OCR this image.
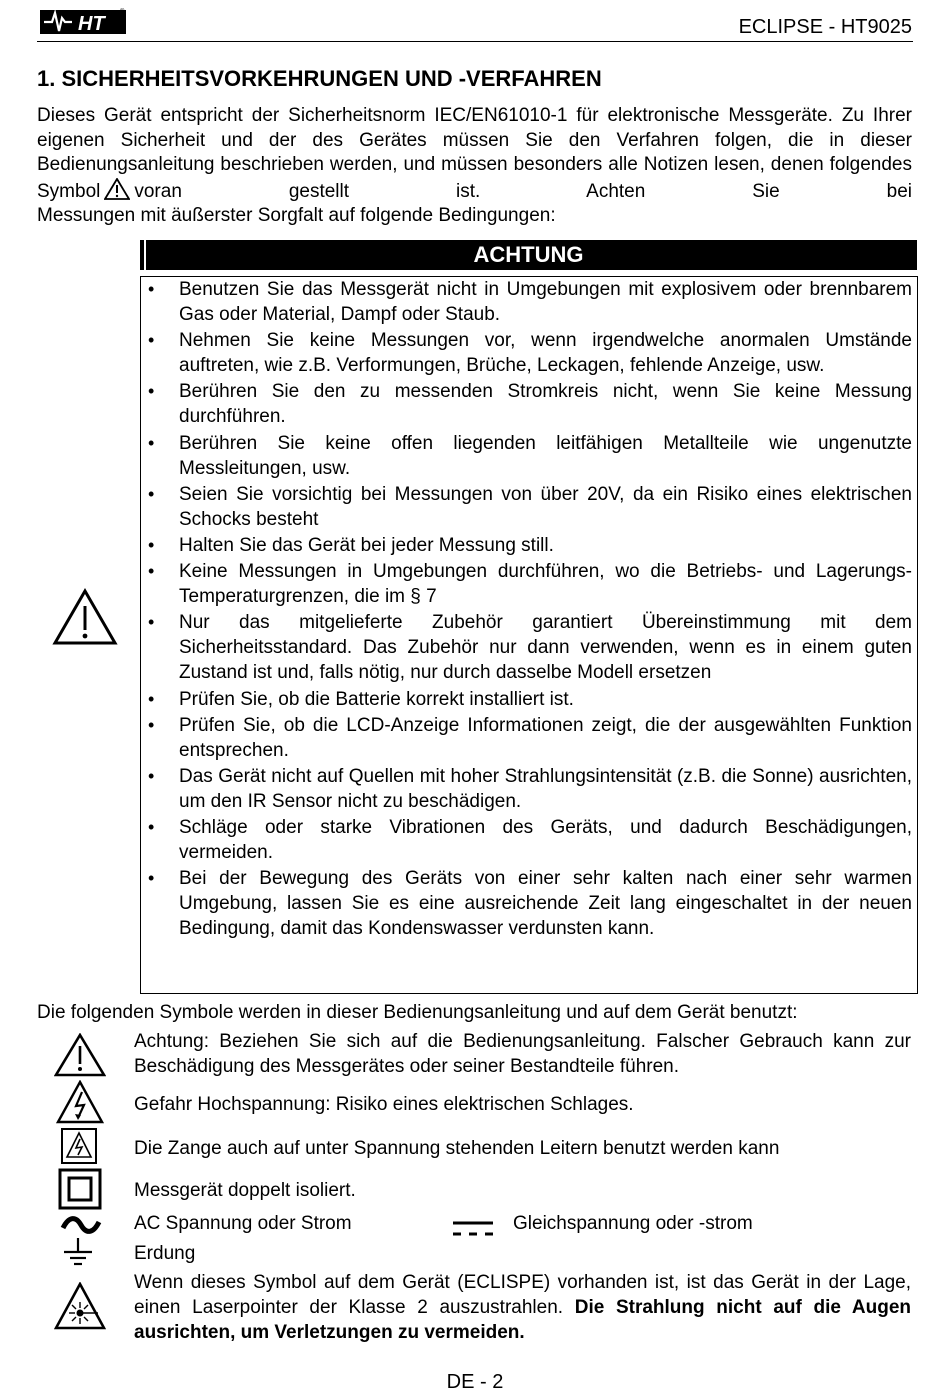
HT
®
ECLIPSE - HT9025
1. SICHERHEITSVORKEHRUNGEN UND -VERFAHREN
Dieses Gerät entspricht der Sicherheitsnorm IEC/EN61010-1 für elektronische Messgeräte. Zu Ihrer eigenen Sicherheit und der des Gerätes müssen Sie den Verfahren folgen, die in dieser Bedienungsanleitung beschrieben werden, und müssen besonders alle Notizen lesen, denen folgendes Symbol voran gestellt ist. Achten Sie bei
Messungen mit äußerster Sorgfalt auf folgende Bedingungen:
ACHTUNG
• Benutzen Sie das Messgerät nicht in Umgebungen mit explosivem oder brennbarem Gas oder Material, Dampf oder Staub.
• Nehmen Sie keine Messungen vor, wenn irgendwelche anormalen Umstände auftreten, wie z.B. Verformungen, Brüche, Leckagen, fehlende Anzeige, usw.
• Berühren Sie den zu messenden Stromkreis nicht, wenn Sie keine Messung durchführen.
• Berühren Sie keine offen liegenden leitfähigen Metallteile wie ungenutzte Messleitungen, usw.
• Seien Sie vorsichtig bei Messungen von über 20V, da ein Risiko eines elektrischen Schocks besteht
• Halten Sie das Gerät bei jeder Messung still.
• Keine Messungen in Umgebungen durchführen, wo die Betriebs- und Lagerungs-Temperaturgrenzen, die im § 7
• Nur das mitgelieferte Zubehör garantiert Übereinstimmung mit dem Sicherheitsstandard. Das Zubehör nur dann verwenden, wenn es in einem guten Zustand ist und, falls nötig, nur durch dasselbe Modell ersetzen
• Prüfen Sie, ob die Batterie korrekt installiert ist.
• Prüfen Sie, ob die LCD-Anzeige Informationen zeigt, die der ausgewählten Funktion entsprechen.
• Das Gerät nicht auf Quellen mit hoher Strahlungsintensität (z.B. die Sonne) ausrichten, um den IR Sensor nicht zu beschädigen.
• Schläge oder starke Vibrationen des Geräts, und dadurch Beschädigungen, vermeiden.
• Bei der Bewegung des Geräts von einer sehr kalten nach einer sehr warmen Umgebung, lassen Sie es eine ausreichende Zeit lang eingeschaltet in der neuen Bedingung, damit das Kondenswasser verdunsten kann.
Die folgenden Symbole werden in dieser Bedienungsanleitung und auf dem Gerät benutzt:
Achtung: Beziehen Sie sich auf die Bedienungsanleitung. Falscher Gebrauch kann zur Beschädigung des Messgerätes oder seiner Bestandteile führen.
Gefahr Hochspannung: Risiko eines elektrischen Schlages.
Die Zange auch auf unter Spannung stehenden Leitern benutzt werden kann
Messgerät doppelt isoliert.
AC Spannung oder Strom	Gleichspannung oder -strom
Erdung
Wenn dieses Symbol auf dem Gerät (ECLISPE) vorhanden ist, ist das Gerät in der Lage, einen Laserpointer der Klasse 2 auszustrahlen. Die Strahlung nicht auf die Augen ausrichten, um Verletzungen zu vermeiden.
DE - 2
